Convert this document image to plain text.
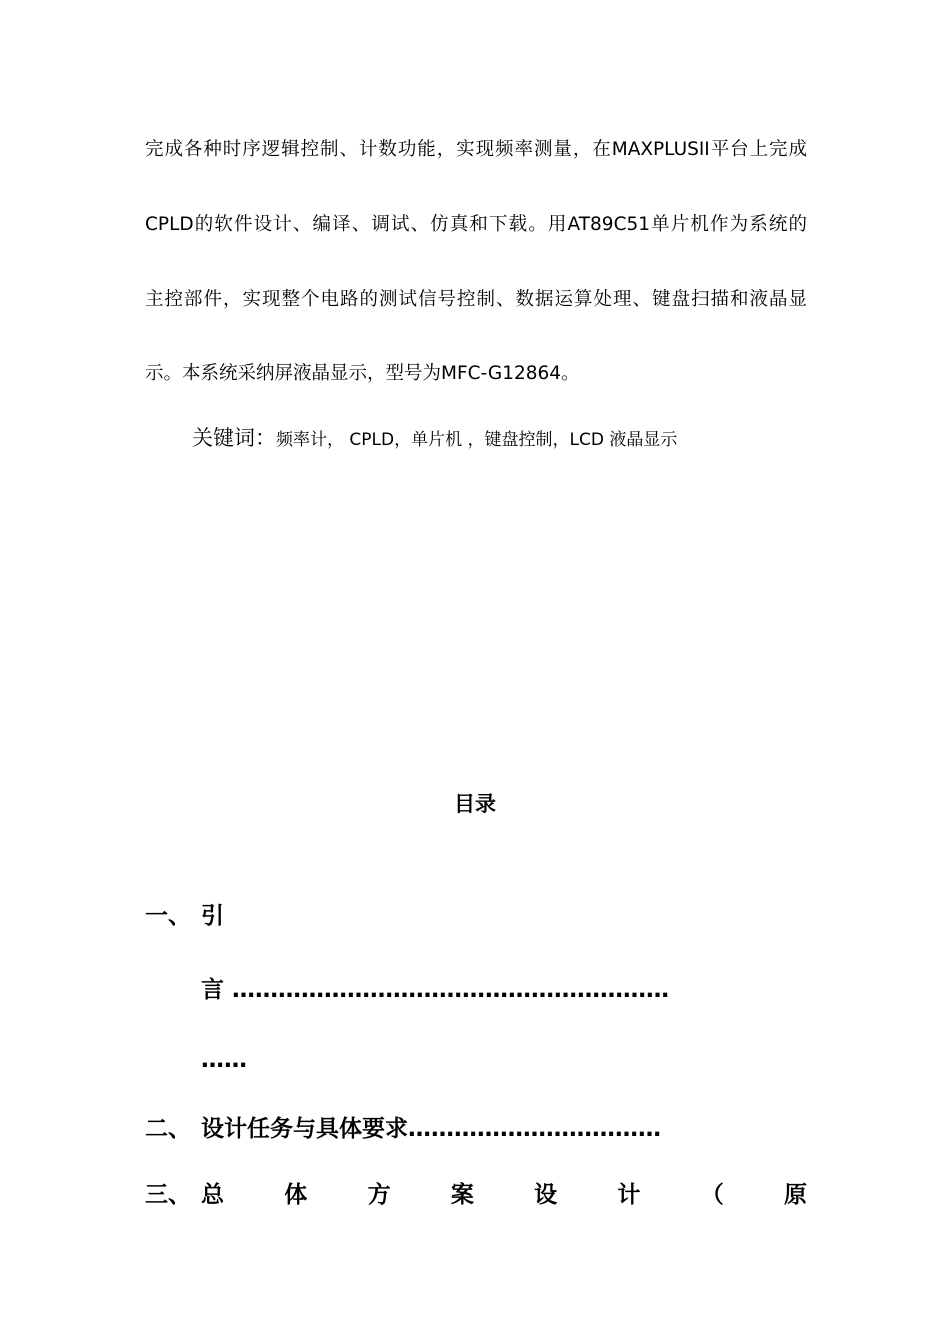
完成各种时序逻辑控制、计数功能，实现频率测量，在MAXPLUSII平台上完成
CPLD的软件设计、编译、调试、仿真和下载。用AT89C51单片机作为系统的
主控部件，实现整个电路的测试信号控制、数据运算处理、键盘扫描和液晶显
示。本系统采纳屏液晶显示，型号为MFC-G12864。
关键词：频率计， CPLD，单片机 ，键盘控制，LCD 液晶显示
目录
一、 引
言 …………………………………………………
……
二、 设计任务与具体要求……………………………
三、 总	体	方	案	设	计	（	原
